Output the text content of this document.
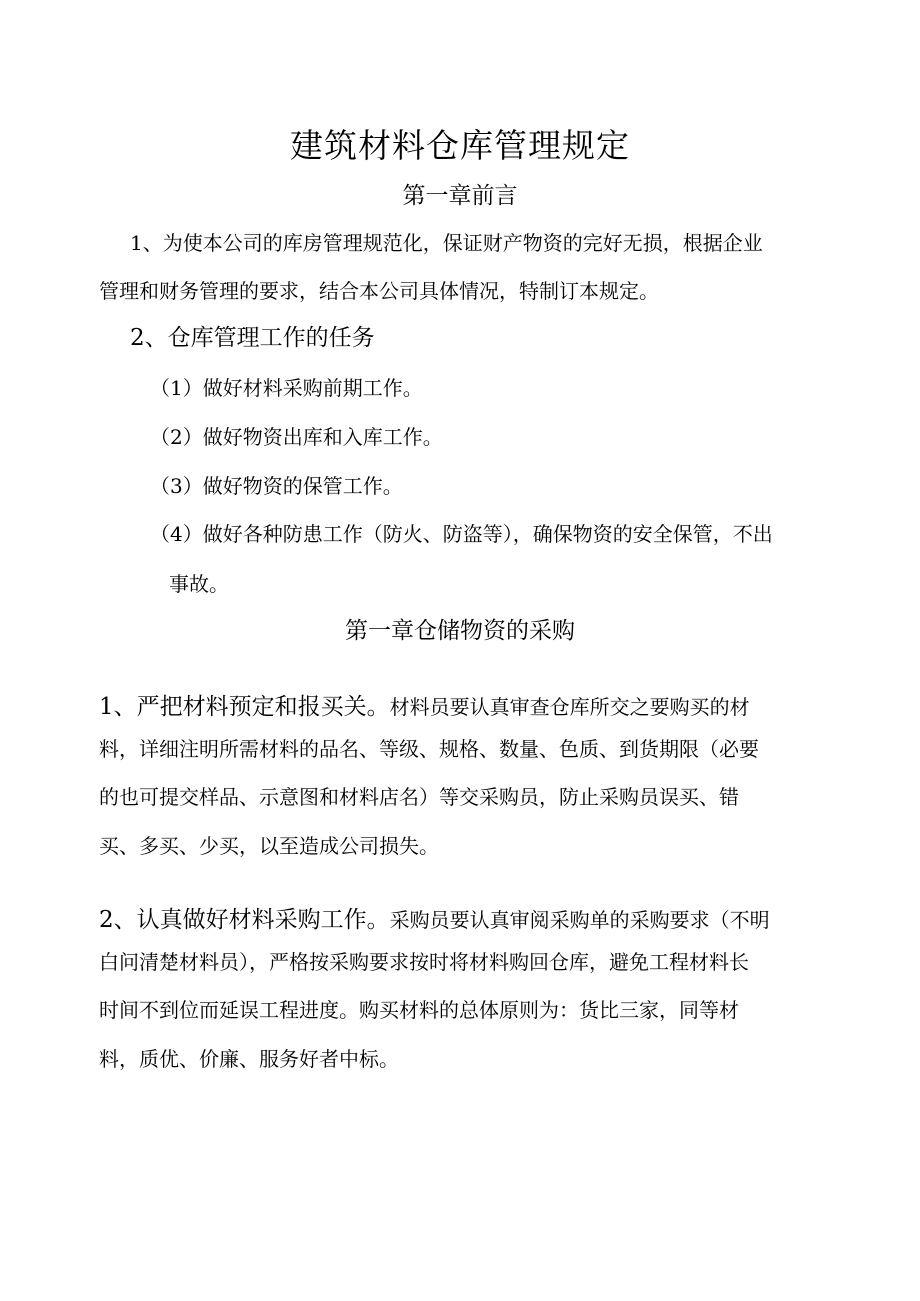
建筑材料仓库管理规定
第一章前言
1、为使本公司的库房管理规范化，保证财产物资的完好无损，根据企业
管理和财务管理的要求，结合本公司具体情况，特制订本规定。
2、仓库管理工作的任务
（1）做好材料采购前期工作。
（2）做好物资出库和入库工作。
（3）做好物资的保管工作。
（4）做好各种防患工作（防火、防盗等），确保物资的安全保管，不出
事故。
第一章仓储物资的采购
1、严把材料预定和报买关。材料员要认真审查仓库所交之要购买的材
料，详细注明所需材料的品名、等级、规格、数量、色质、到货期限（必要
的也可提交样品、示意图和材料店名）等交采购员，防止采购员误买、错
买、多买、少买，以至造成公司损失。
2、认真做好材料采购工作。采购员要认真审阅采购单的采购要求（不明
白问清楚材料员），严格按采购要求按时将材料购回仓库，避免工程材料长
时间不到位而延误工程进度。购买材料的总体原则为：货比三家，同等材
料，质优、价廉、服务好者中标。
